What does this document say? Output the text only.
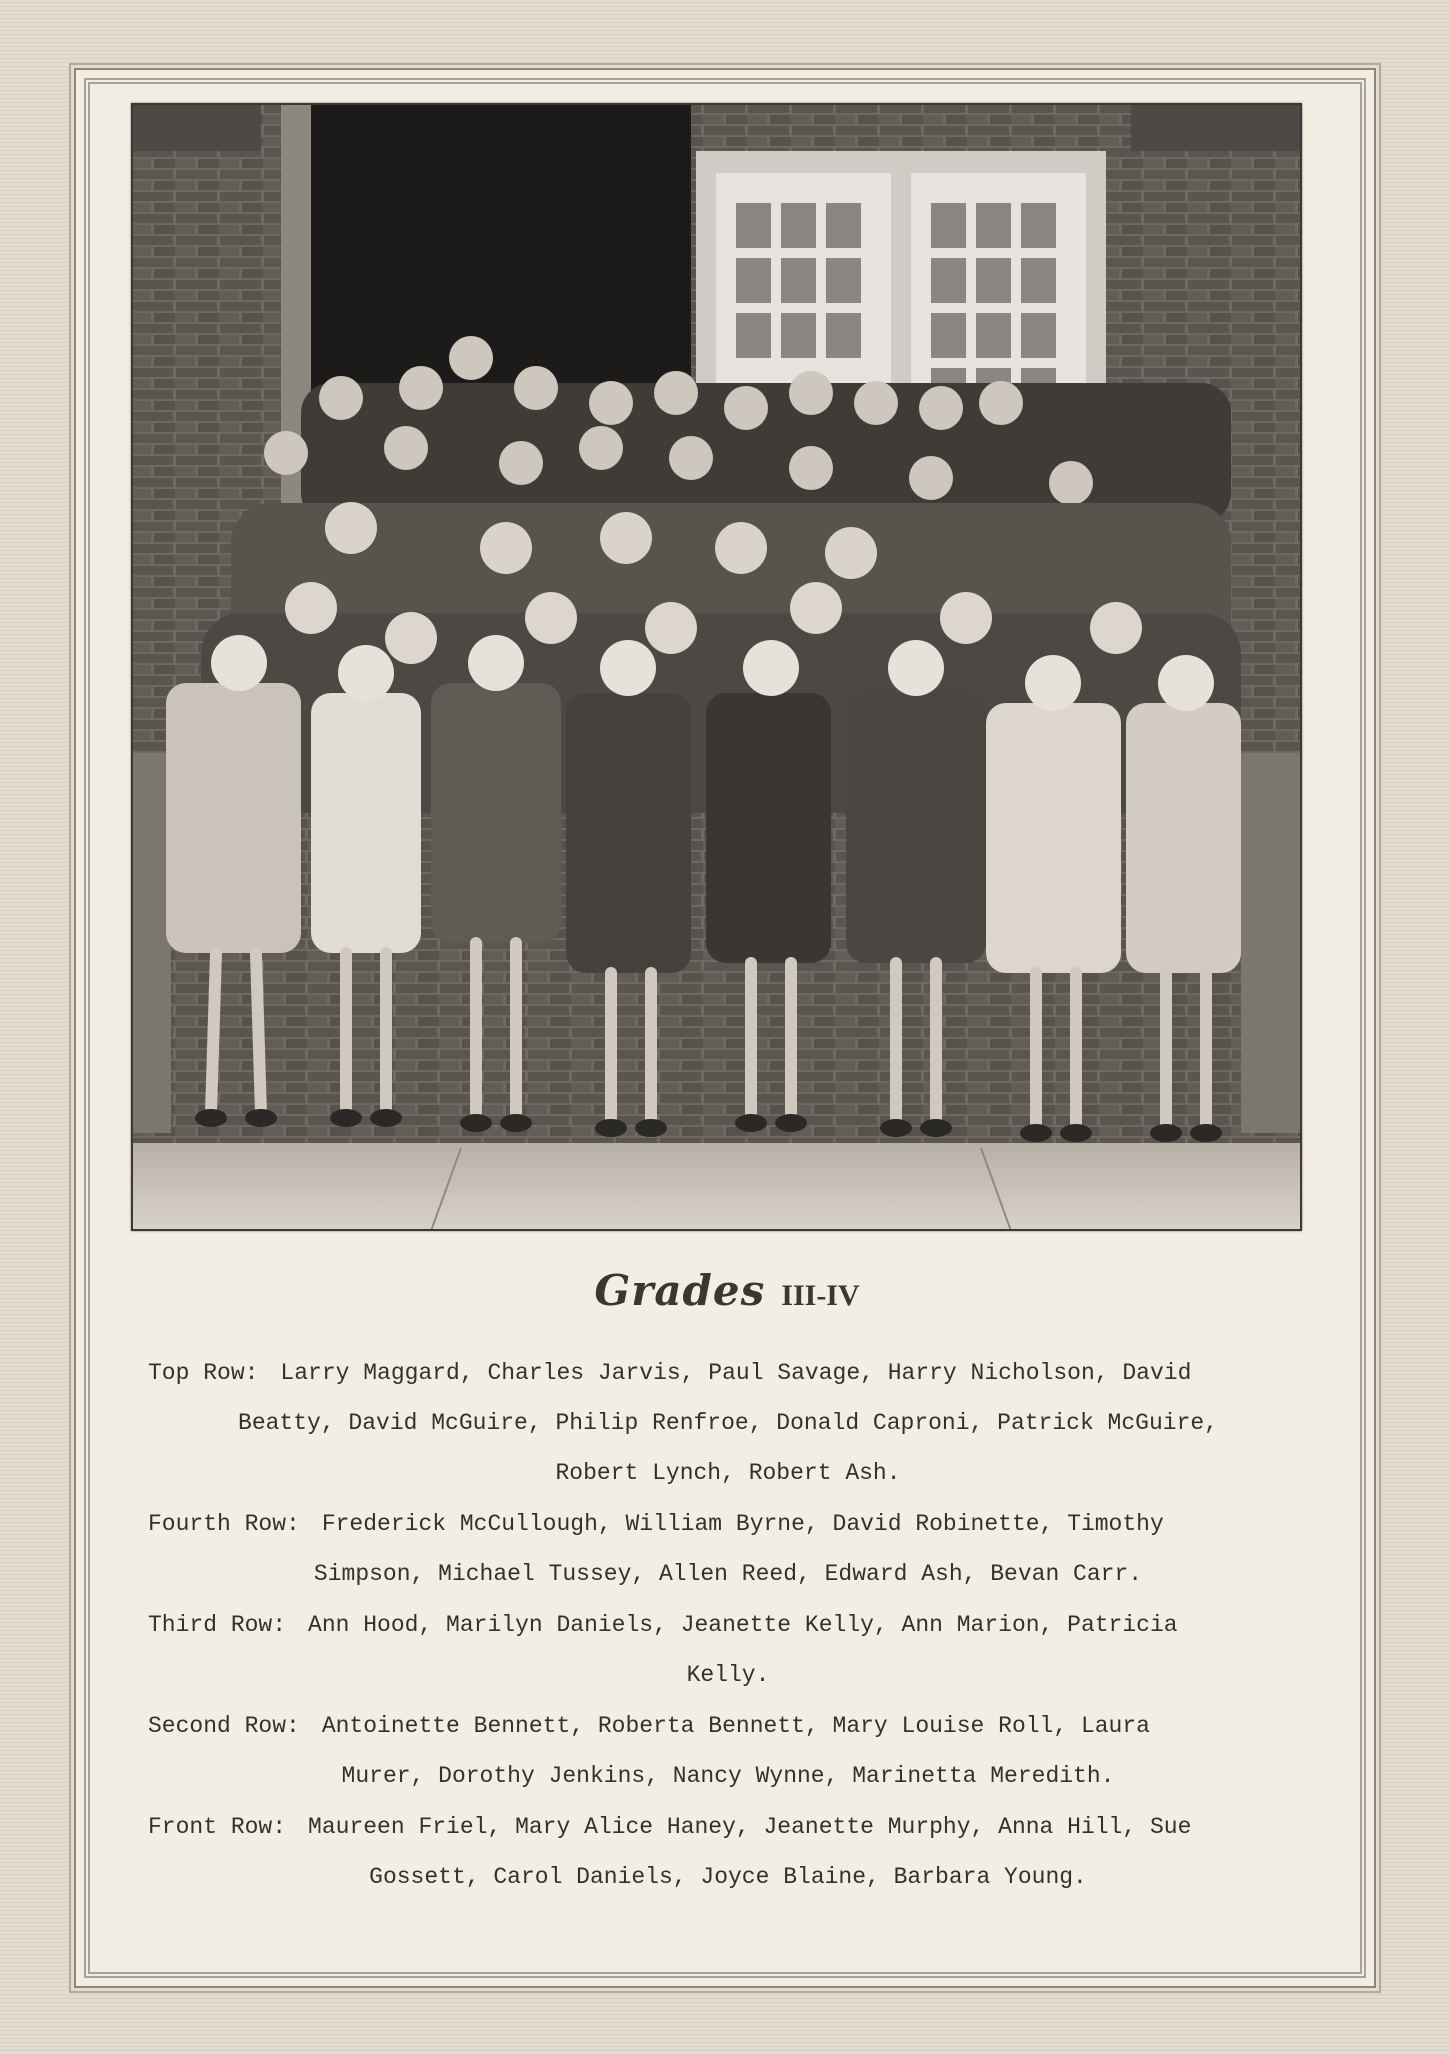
Grades III-IV
Top Row: Larry Maggard, Charles Jarvis, Paul Savage, Harry Nicholson, David
Beatty, David McGuire, Philip Renfroe, Donald Caproni, Patrick McGuire,
Robert Lynch, Robert Ash.
Fourth Row: Frederick McCullough, William Byrne, David Robinette, Timothy
Simpson, Michael Tussey, Allen Reed, Edward Ash, Bevan Carr.
Third Row: Ann Hood, Marilyn Daniels, Jeanette Kelly, Ann Marion, Patricia
Kelly.
Second Row: Antoinette Bennett, Roberta Bennett, Mary Louise Roll, Laura
Murer, Dorothy Jenkins, Nancy Wynne, Marinetta Meredith.
Front Row: Maureen Friel, Mary Alice Haney, Jeanette Murphy, Anna Hill, Sue
Gossett, Carol Daniels, Joyce Blaine, Barbara Young.
